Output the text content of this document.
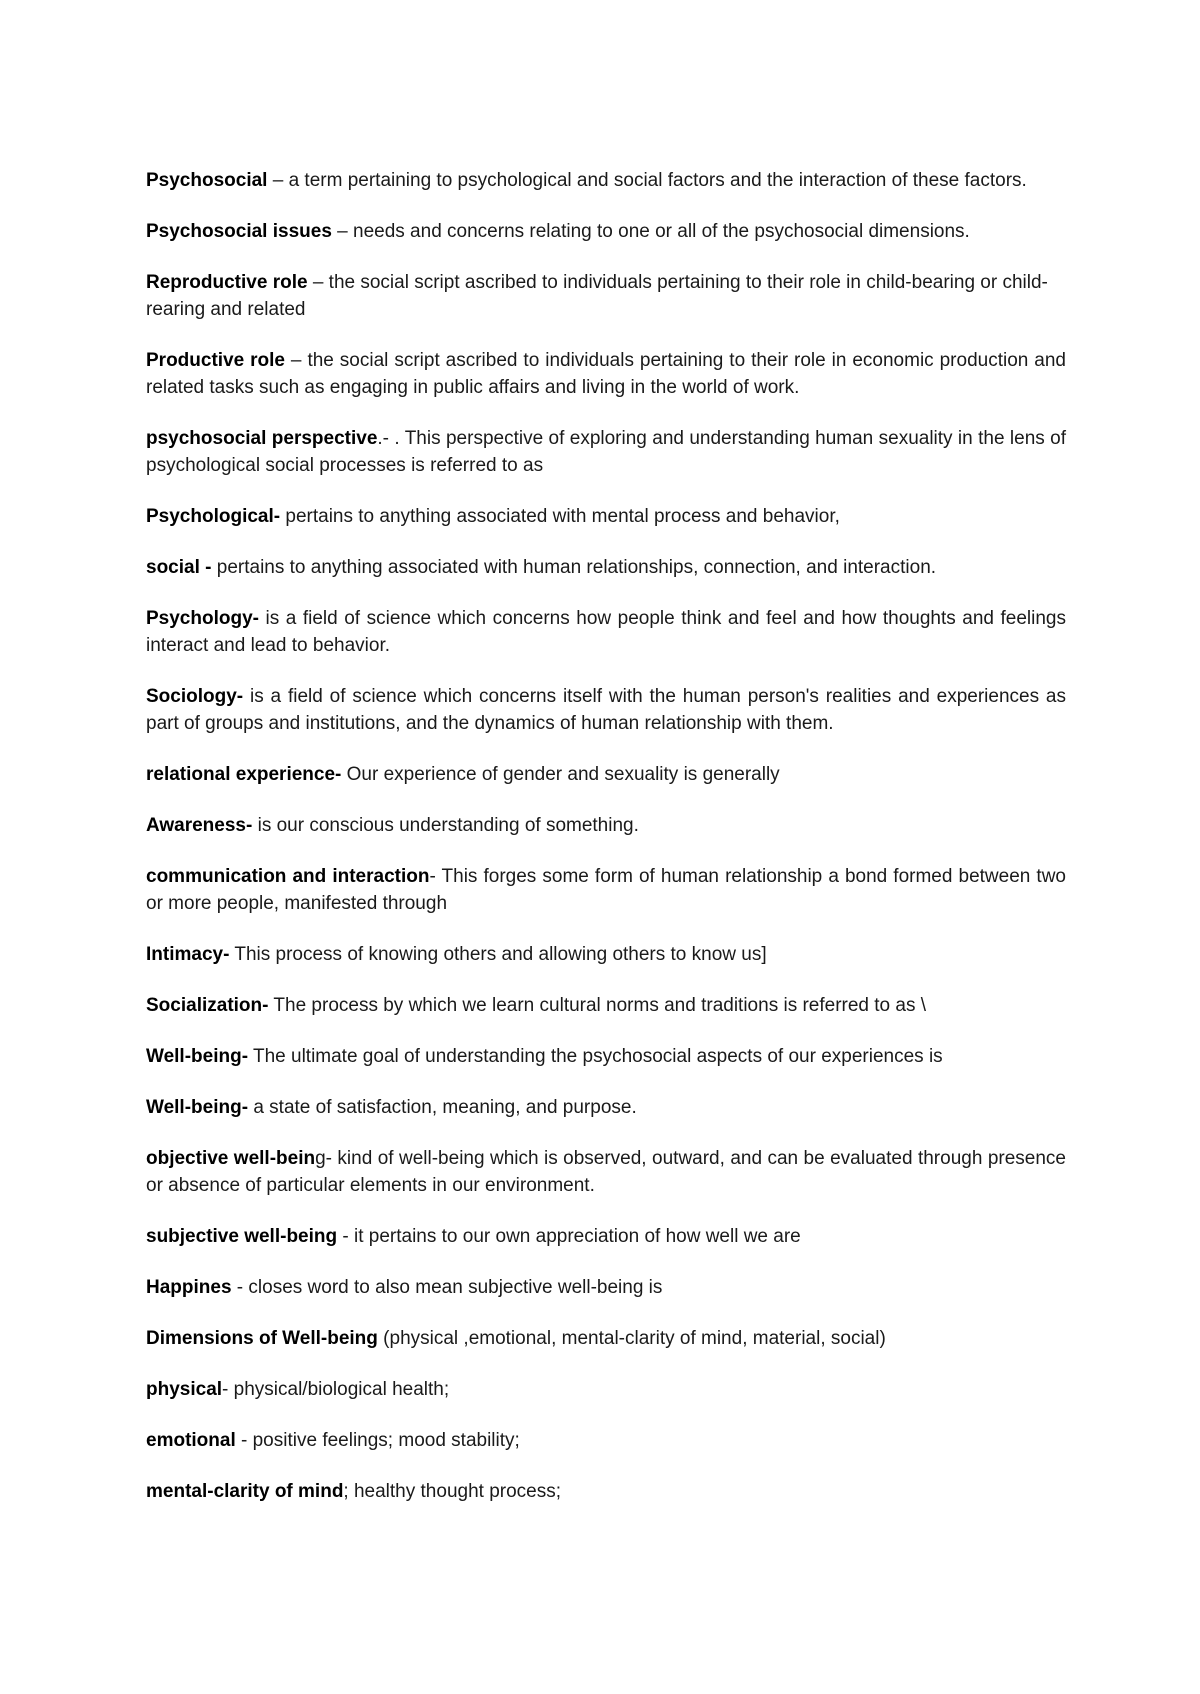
Psychosocial – a term pertaining to psychological and social factors and the interaction of these factors.

Psychosocial issues – needs and concerns relating to one or all of the psychosocial dimensions.

Reproductive role – the social script ascribed to individuals pertaining to their role in child-bearing or child-rearing and related

Productive role – the social script ascribed to individuals pertaining to their role in economic production and related tasks such as engaging in public affairs and living in the world of work.

psychosocial perspective.- . This perspective of exploring and understanding human sexuality in the lens of psychological social processes is referred to as

Psychological- pertains to anything associated with mental process and behavior,

social - pertains to anything associated with human relationships, connection, and interaction.

Psychology- is a field of science which concerns how people think and feel and how thoughts and feelings interact and lead to behavior.

Sociology- is a field of science which concerns itself with the human person's realities and experiences as part of groups and institutions, and the dynamics of human relationship with them.

relational experience- Our experience of gender and sexuality is generally

Awareness- is our conscious understanding of something.

communication and interaction- This forges some form of human relationship a bond formed between two or more people, manifested through

Intimacy- This process of knowing others and allowing others to know us]

Socialization- The process by which we learn cultural norms and traditions is referred to as \

Well-being- The ultimate goal of understanding the psychosocial aspects of our experiences is

Well-being- a state of satisfaction, meaning, and purpose.

objective well-being- kind of well-being which is observed, outward, and can be evaluated through presence or absence of particular elements in our environment.

subjective well-being - it pertains to our own appreciation of how well we are

Happines - closes word to also mean subjective well-being is

Dimensions of Well-being (physical ,emotional, mental-clarity of mind, material, social)

physical- physical/biological health;

emotional - positive feelings; mood stability;

mental-clarity of mind; healthy thought process;
